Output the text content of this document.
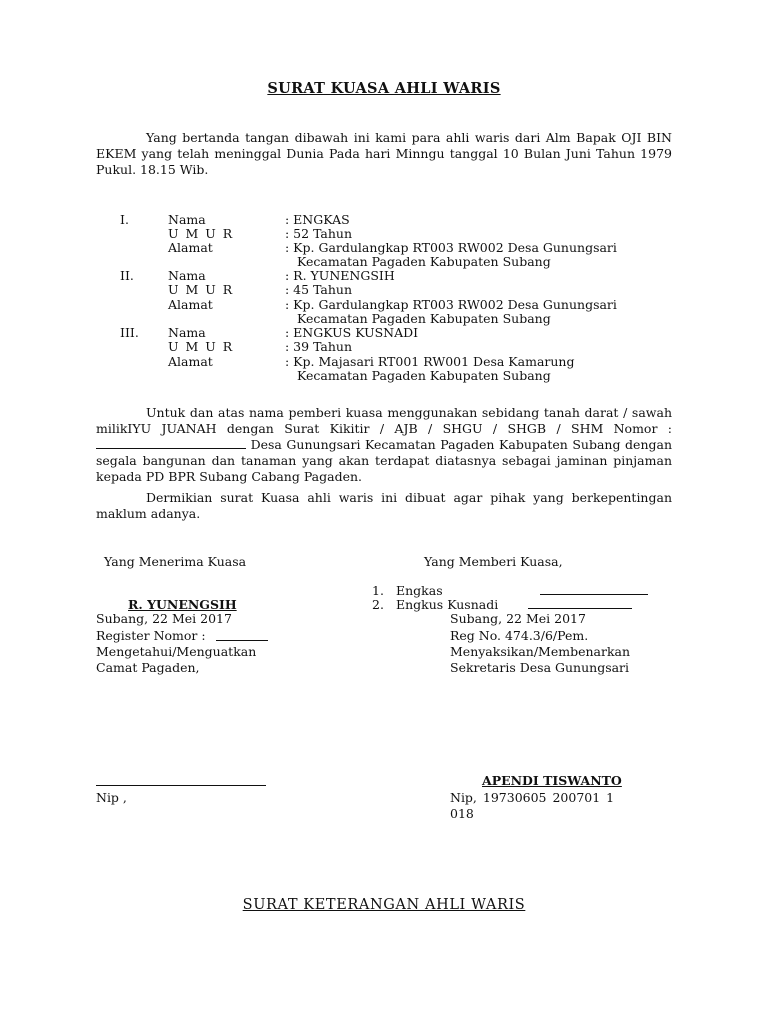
SURAT KUASA AHLI WARIS

Yang bertanda tangan dibawah ini kami para ahli waris dari Alm Bapak OJI BIN EKEM yang telah meninggal Dunia Pada hari Minngu tanggal 10 Bulan Juni Tahun 1979 Pukul. 18.15 Wib.

I.	Nama	: ENGKAS
U M U R	: 52 Tahun
Alamat	: Kp. Gardulangkap RT003 RW002 Desa Gunungsari
Kecamatan Pagaden Kabupaten Subang
II.	Nama	: R. YUNENGSIH
U M U R	: 45 Tahun
Alamat	: Kp. Gardulangkap RT003 RW002 Desa Gunungsari
Kecamatan Pagaden Kabupaten Subang
III. Nama	: ENGKUS KUSNADI
U M U R	: 39 Tahun
Alamat	: Kp. Majasari RT001 RW001 Desa Kamarung
Kecamatan Pagaden Kabupaten Subang

Untuk dan atas nama pemberi kuasa menggunakan sebidang tanah darat / sawah milikIYU JUANAH dengan Surat Kikitir / AJB / SHGU / SHGB / SHM Nomor :  Desa Gunungsari Kecamatan Pagaden Kabupaten Subang dengan segala bangunan dan tanaman yang akan terdapat diatasnya sebagai jaminan pinjaman kepada PD BPR Subang Cabang Pagaden.

Dermikian surat Kuasa ahli waris ini dibuat agar pihak yang berkepentingan maklum adanya.

Yang Menerima Kuasa
R. YUNENGSIH
Subang, 22 Mei 2017
Register Nomor :
Mengetahui/Menguatkan
Camat Pagaden,
Nip ,
Yang Memberi Kuasa,
1. Engkas
2. Engkus Kusnadi
Subang, 22 Mei 2017
Reg No. 474.3/6/Pem.
Menyaksikan/Membenarkan
Sekretaris Desa Gunungsari
APENDI TISWANTO
Nip, 19730605 200701 1
018
SURAT KETERANGAN AHLI WARIS
